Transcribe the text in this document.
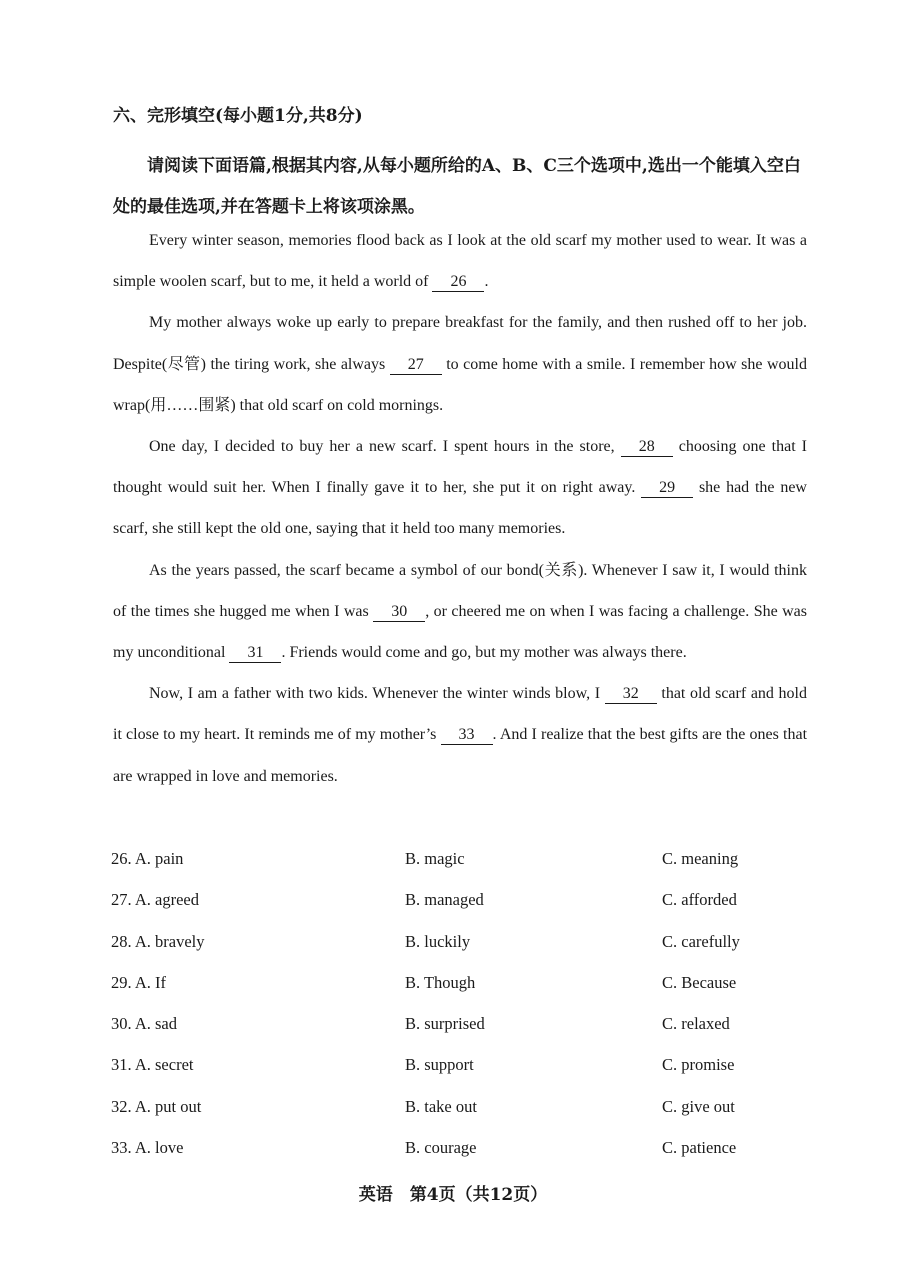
六、完形填空(每小题1分,共8分)
请阅读下面语篇,根据其内容,从每小题所给的A、B、C三个选项中,选出一个能填入空白处的最佳选项,并在答题卡上将该项涂黑。

Every winter season, memories flood back as I look at the old scarf my mother used to wear. It was a simple woolen scarf, but to me, it held a world of 26 .

My mother always woke up early to prepare breakfast for the family, and then rushed off to her job. Despite(尽管) the tiring work, she always 27 to come home with a smile. I remember how she would wrap(用……围紧) that old scarf on cold mornings.

One day, I decided to buy her a new scarf. I spent hours in the store, 28 choosing one that I thought would suit her. When I finally gave it to her, she put it on right away. 29 she had the new scarf, she still kept the old one, saying that it held too many memories.

As the years passed, the scarf became a symbol of our bond(关系). Whenever I saw it, I would think of the times she hugged me when I was 30 , or cheered me on when I was facing a challenge. She was my unconditional 31 . Friends would come and go, but my mother was always there.

Now, I am a father with two kids. Whenever the winter winds blow, I 32 that old scarf and hold it close to my heart. It reminds me of my mother’s 33 . And I realize that the best gifts are the ones that are wrapped in love and memories.

26. A. pain	B. magic	C. meaning
27. A. agreed	B. managed	C. afforded
28. A. bravely	B. luckily	C. carefully
29. A. If	B. Though	C. Because
30. A. sad	B. surprised	C. relaxed
31. A. secret	B. support	C. promise
32. A. put out	B. take out	C. give out
33. A. love	B. courage	C. patience
英语　第4页（共12页）
